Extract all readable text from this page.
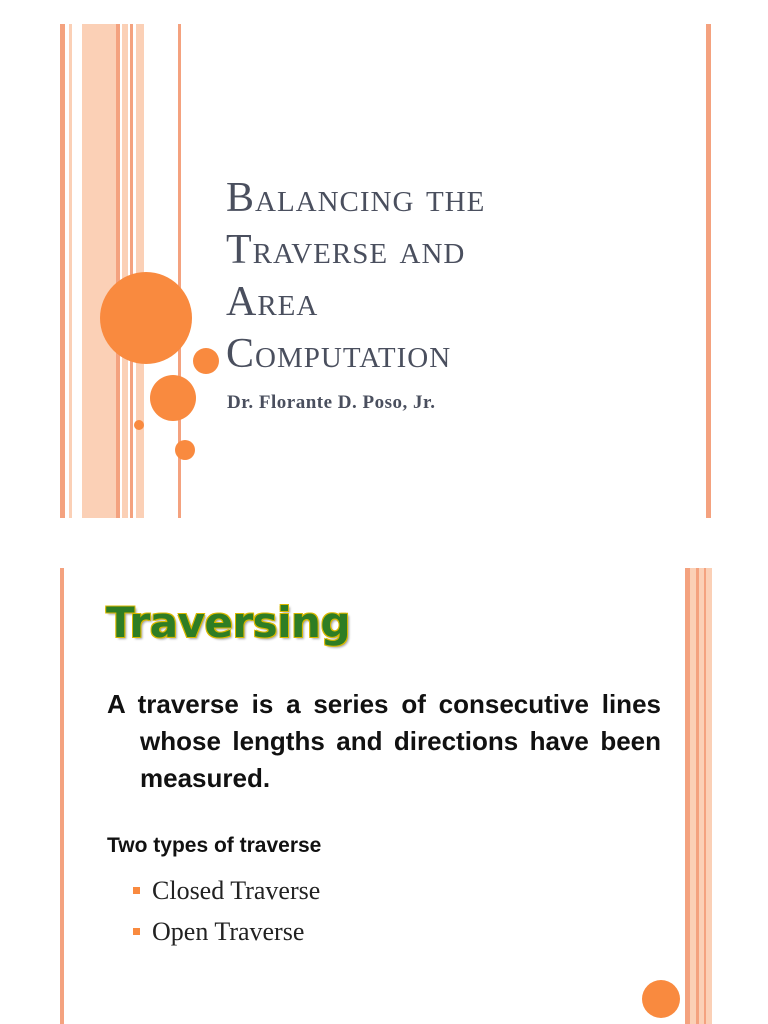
Balancing the
Traverse and
Area
Computation
Dr. Florante D. Poso, Jr.
Traversing

A traverse is a series of consecutive lines whose lengths and directions have been measured.

Two types of traverse
Closed Traverse
Open Traverse
